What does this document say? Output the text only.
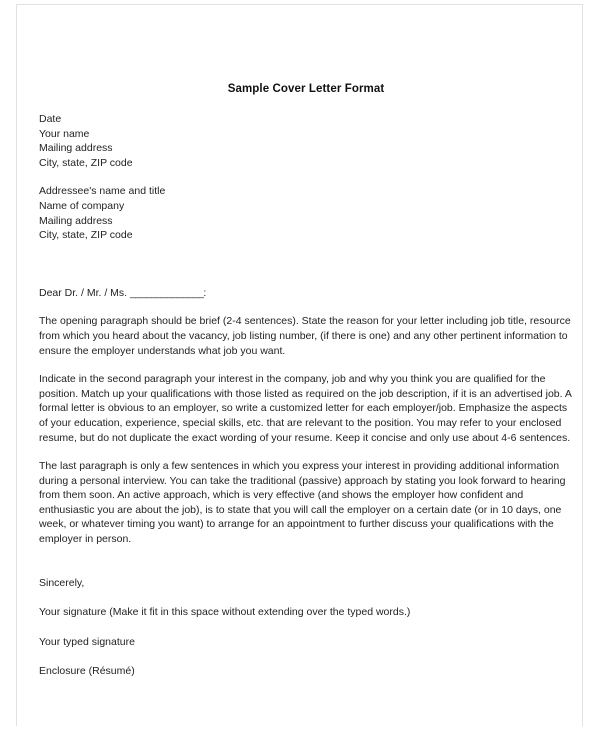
Sample Cover Letter Format
Date
Your name
Mailing address
City, state, ZIP code
Addressee's name and title
Name of company
Mailing address
City, state, ZIP code
Dear Dr. / Mr. / Ms. ______________:

The opening paragraph should be brief (2-4 sentences). State the reason for your letter including job title, resource from which you heard about the vacancy, job listing number, (if there is one) and any other pertinent information to ensure the employer understands what job you want.

Indicate in the second paragraph your interest in the company, job and why you think you are qualified for the position. Match up your qualifications with those listed as required on the job description, if it is an advertised job. A formal letter is obvious to an employer, so write a customized letter for each employer/job. Emphasize the aspects of your education, experience, special skills, etc. that are relevant to the position. You may refer to your enclosed resume, but do not duplicate the exact wording of your resume. Keep it concise and only use about 4-6 sentences.

The last paragraph is only a few sentences in which you express your interest in providing additional information during a personal interview. You can take the traditional (passive) approach by stating you look forward to hearing from them soon. An active approach, which is very effective (and shows the employer how confident and enthusiastic you are about the job), is to state that you will call the employer on a certain date (or in 10 days, one week, or whatever timing you want) to arrange for an appointment to further discuss your qualifications with the employer in person.

Sincerely,
Your signature (Make it fit in this space without extending over the typed words.)
Your typed signature
Enclosure (Résumé)
